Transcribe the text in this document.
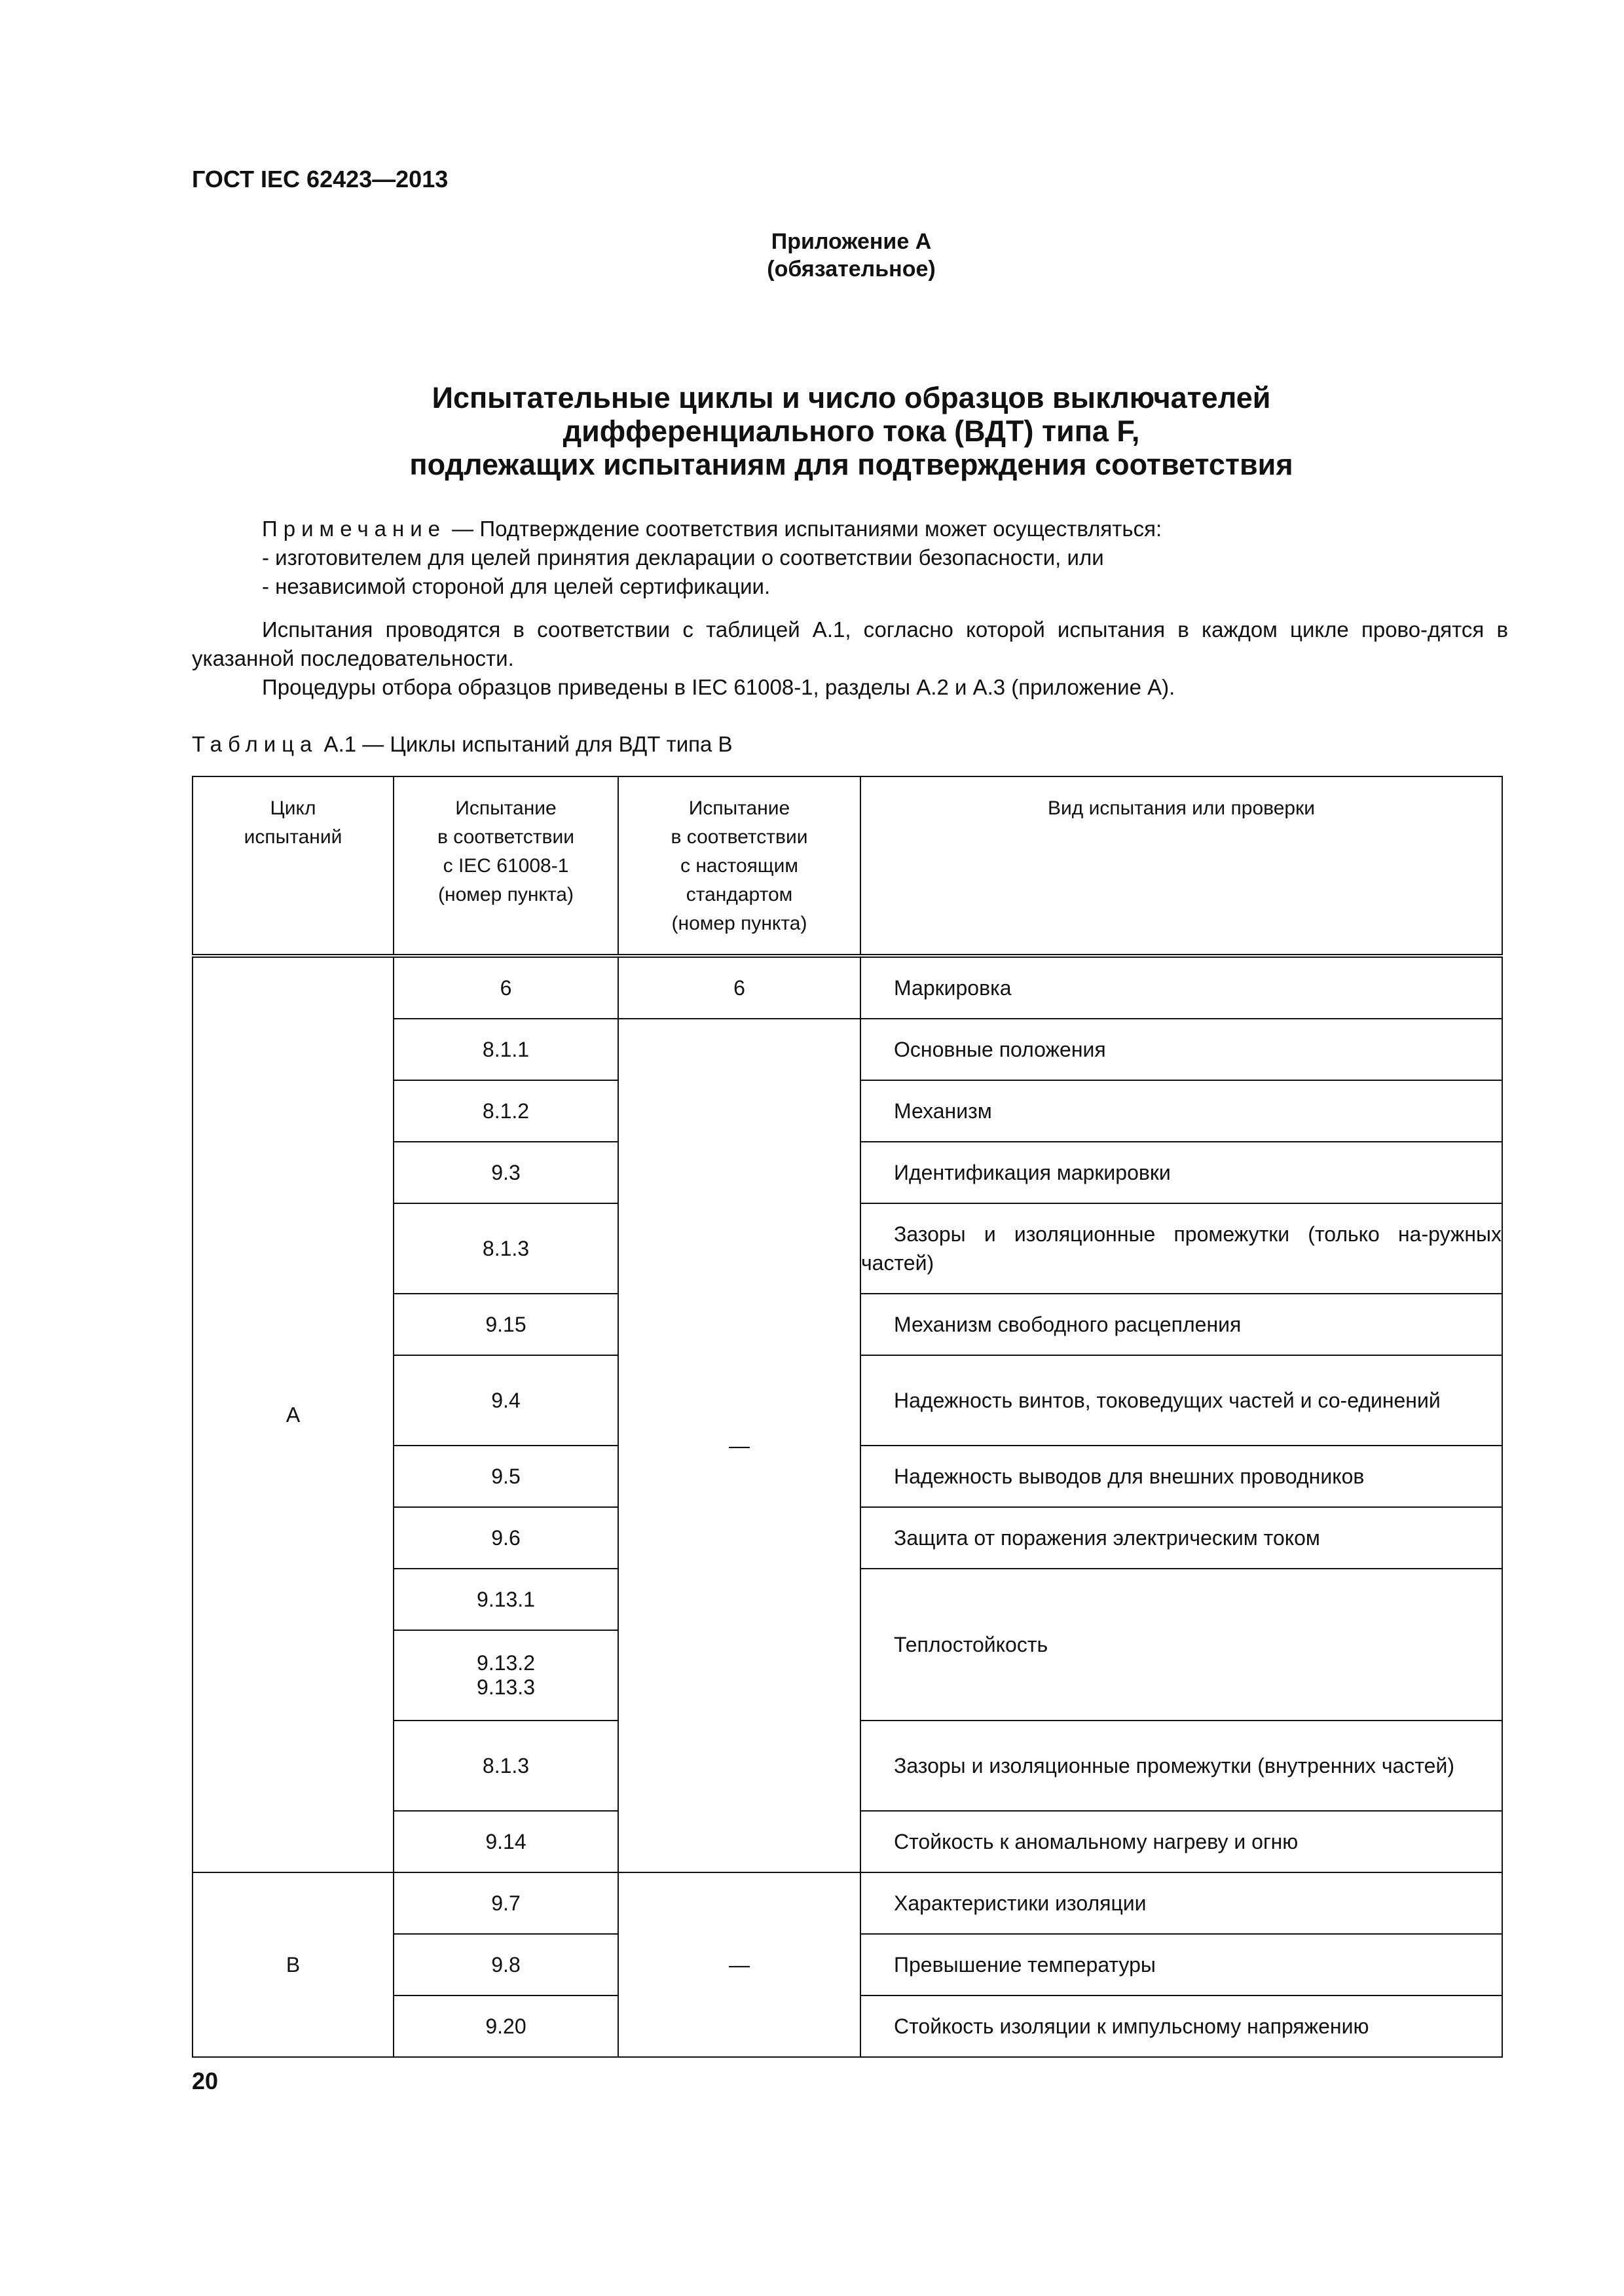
ГОСТ IEC 62423—2013

Приложение А
(обязательное)
Испытательные циклы и число образцов выключателей
дифференциального тока (ВДТ) типа F,
подлежащих испытаниям для подтверждения соответствия

Примечание — Подтверждение соответствия испытаниями может осуществляться:

- изготовителем для целей принятия декларации о соответствии безопасности, или

- независимой стороной для целей сертификации.

Испытания проводятся в соответствии с таблицей А.1, согласно которой испытания в каждом цикле прово-дятся в указанной последовательности.

Процедуры отбора образцов приведены в IEC 61008-1, разделы А.2 и А.3 (приложение А).

Таблица А.1 — Циклы испытаний для ВДТ типа В

Цикл
испытаний	Испытание
в соответствии
с IEC 61008-1
(номер пункта)	Испытание
в соответствии
с настоящим
стандартом
(номер пункта)	Вид испытания или проверки

А	6	6	Маркировка

	8.1.1	—	Основные положения

	8.1.2		Механизм

	9.3		Идентификация маркировки

	8.1.3		Зазоры и изоляционные промежутки (только на-ружных частей)

	9.15		Механизм свободного расцепления

	9.4		Надежность винтов, токоведущих частей и со-единений

	9.5		Надежность выводов для внешних проводников

	9.6		Защита от поражения электрическим током

	9.13.1		Теплостойкость

	9.13.2
9.13.3		

	8.1.3		Зазоры и изоляционные промежутки (внутренних частей)

	9.14		Стойкость к аномальному нагреву и огню

В	9.7	—	Характеристики изоляции

	9.8		Превышение температуры

	9.20		Стойкость изоляции к импульсному напряжению

20
